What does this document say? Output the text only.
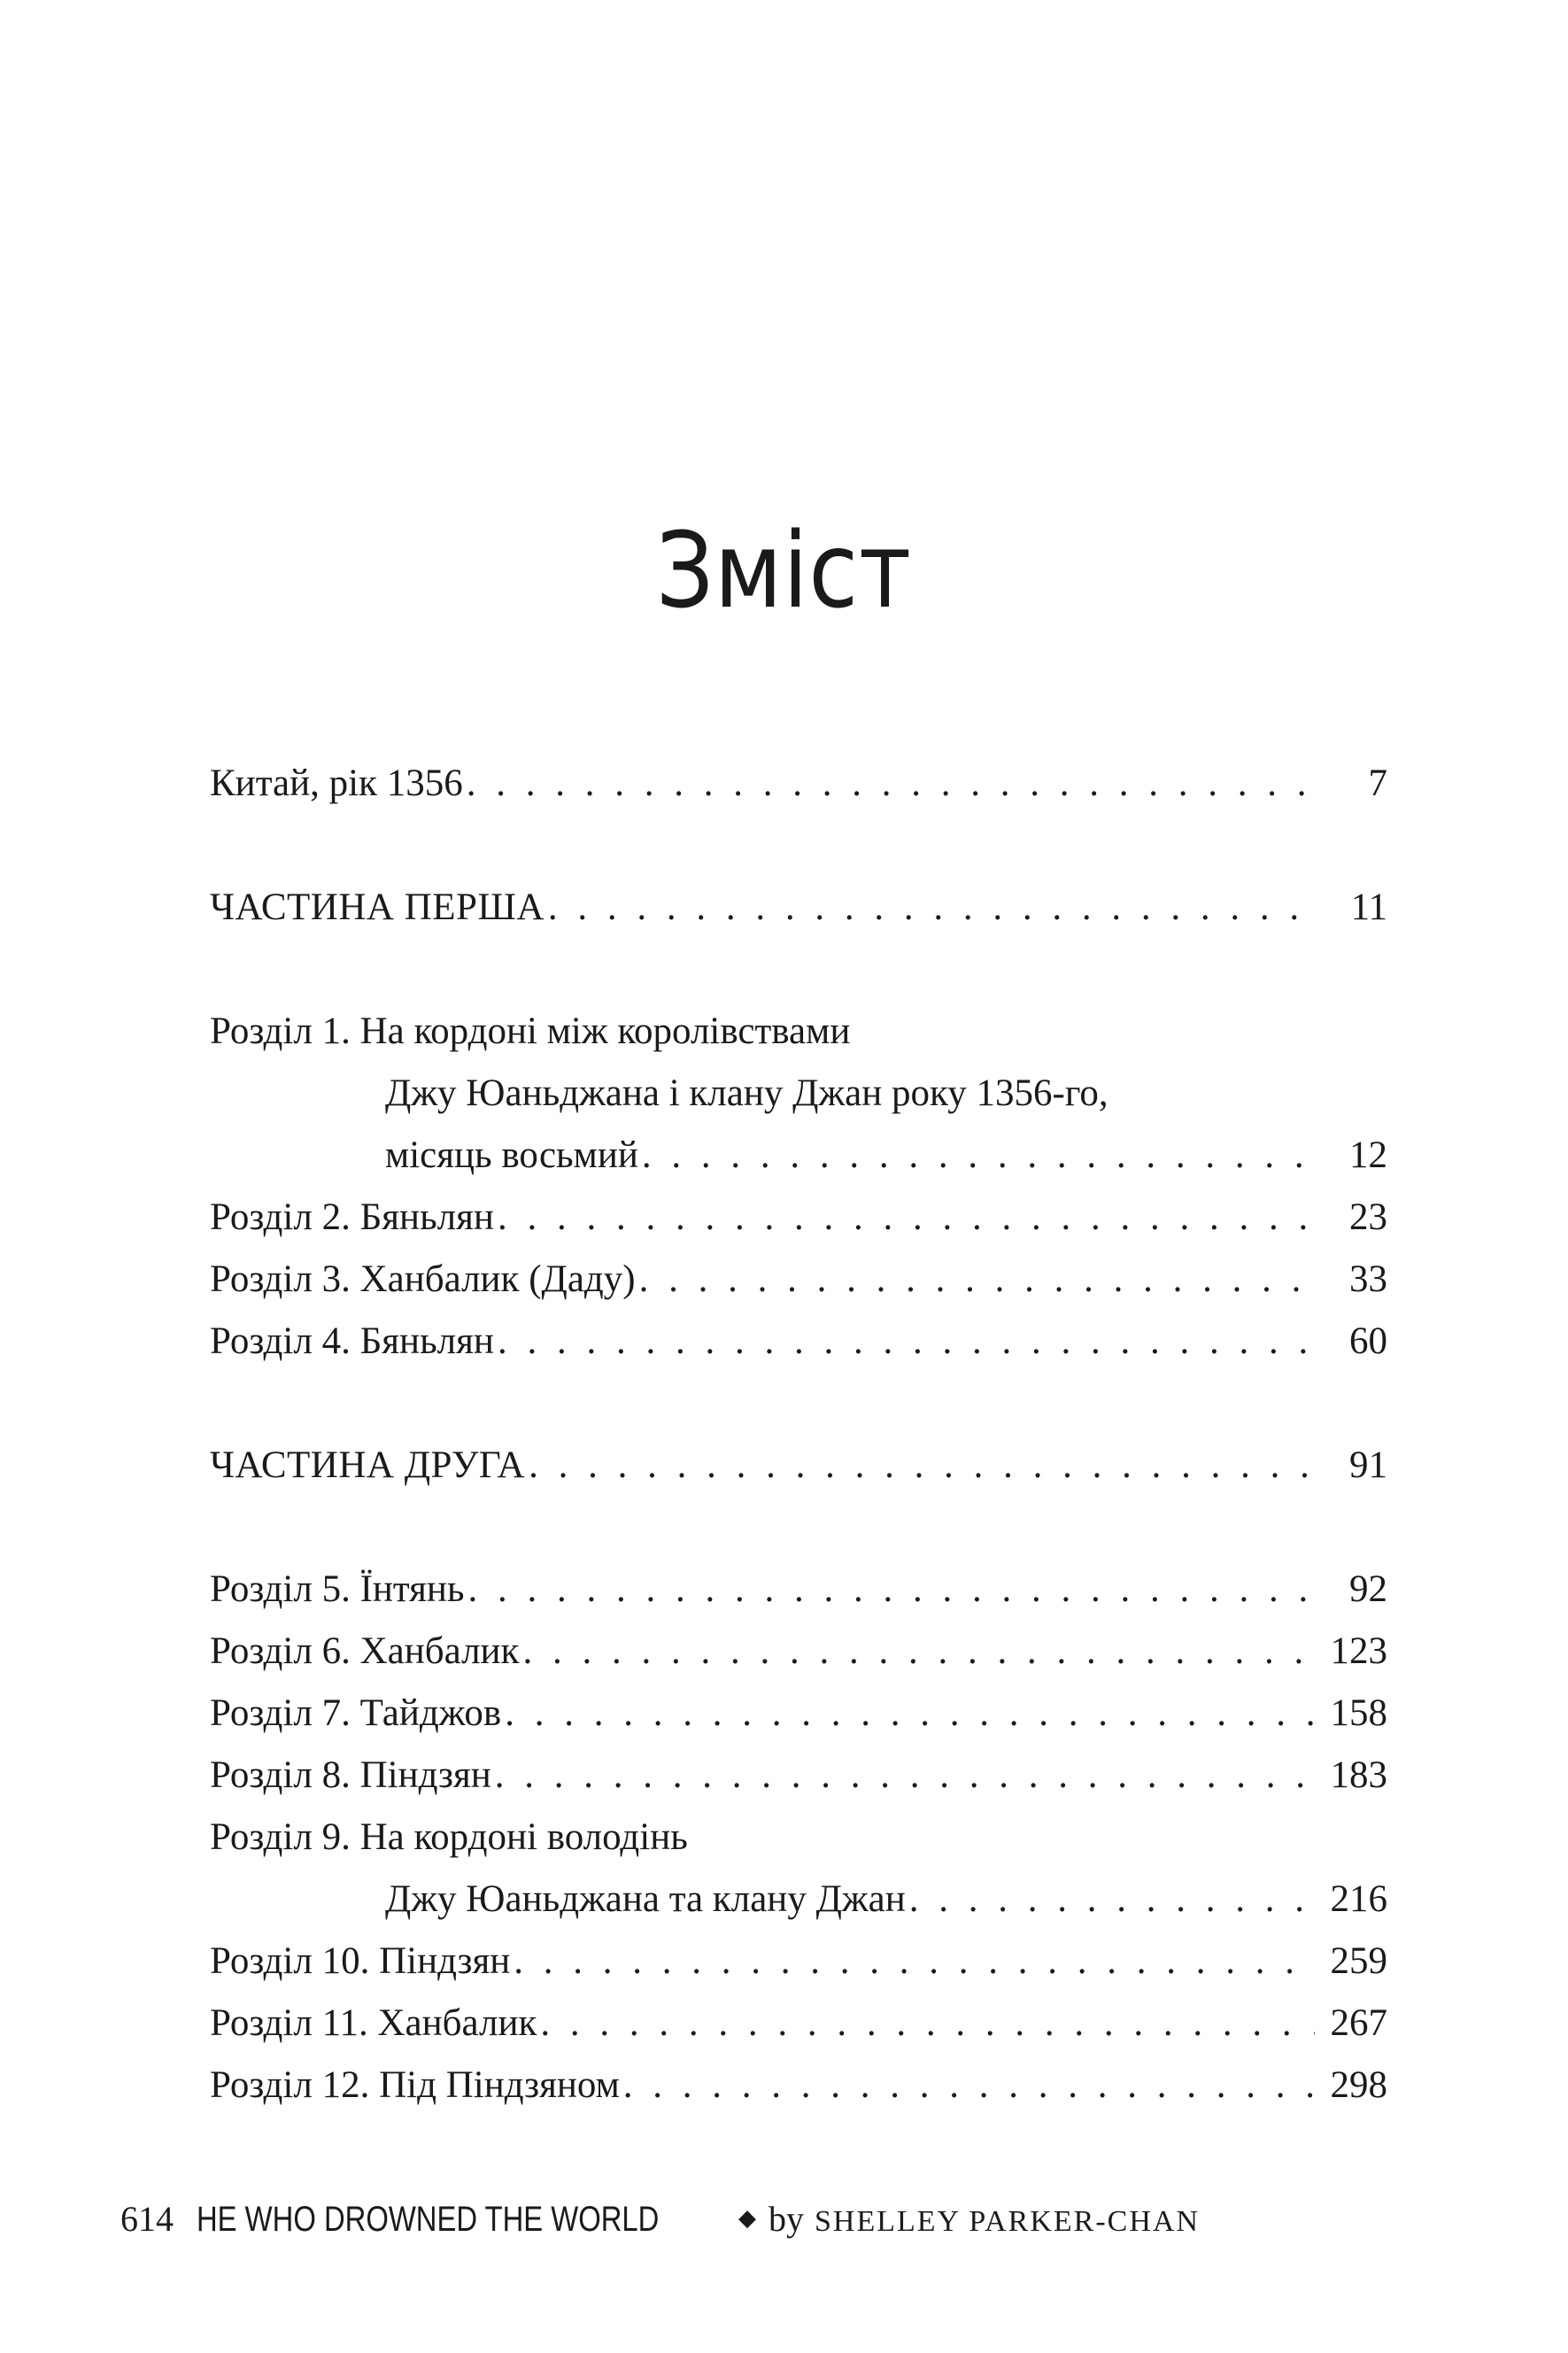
Зміст
Китай, рік 1356 . . .	7
ЧАСТИНА ПЕРША . . .	11
Розділ 1. На кордоні між королівствами
Джу Юаньджана і клану Джан року 1356-го,
місяць восьмий . . .	12
Розділ 2. Бяньлян . . .	23
Розділ 3. Ханбалик (Даду) . . .	33
Розділ 4. Бяньлян . . .	60
ЧАСТИНА ДРУГА . . .	91
Розділ 5. Їнтянь . . .	92
Розділ 6. Ханбалик . . .	123
Розділ 7. Тайджов . . .	158
Розділ 8. Піндзян . . .	183
Розділ 9. На кордоні володінь
Джу Юаньджана та клану Джан . . .	216
Розділ 10. Піндзян . . .	259
Розділ 11. Ханбалик . . .	267
Розділ 12. Під Піндзяном . . .	298
614 HE WHO DROWNED THE WORLD	◆ by SHELLEY PARKER-CHAN
